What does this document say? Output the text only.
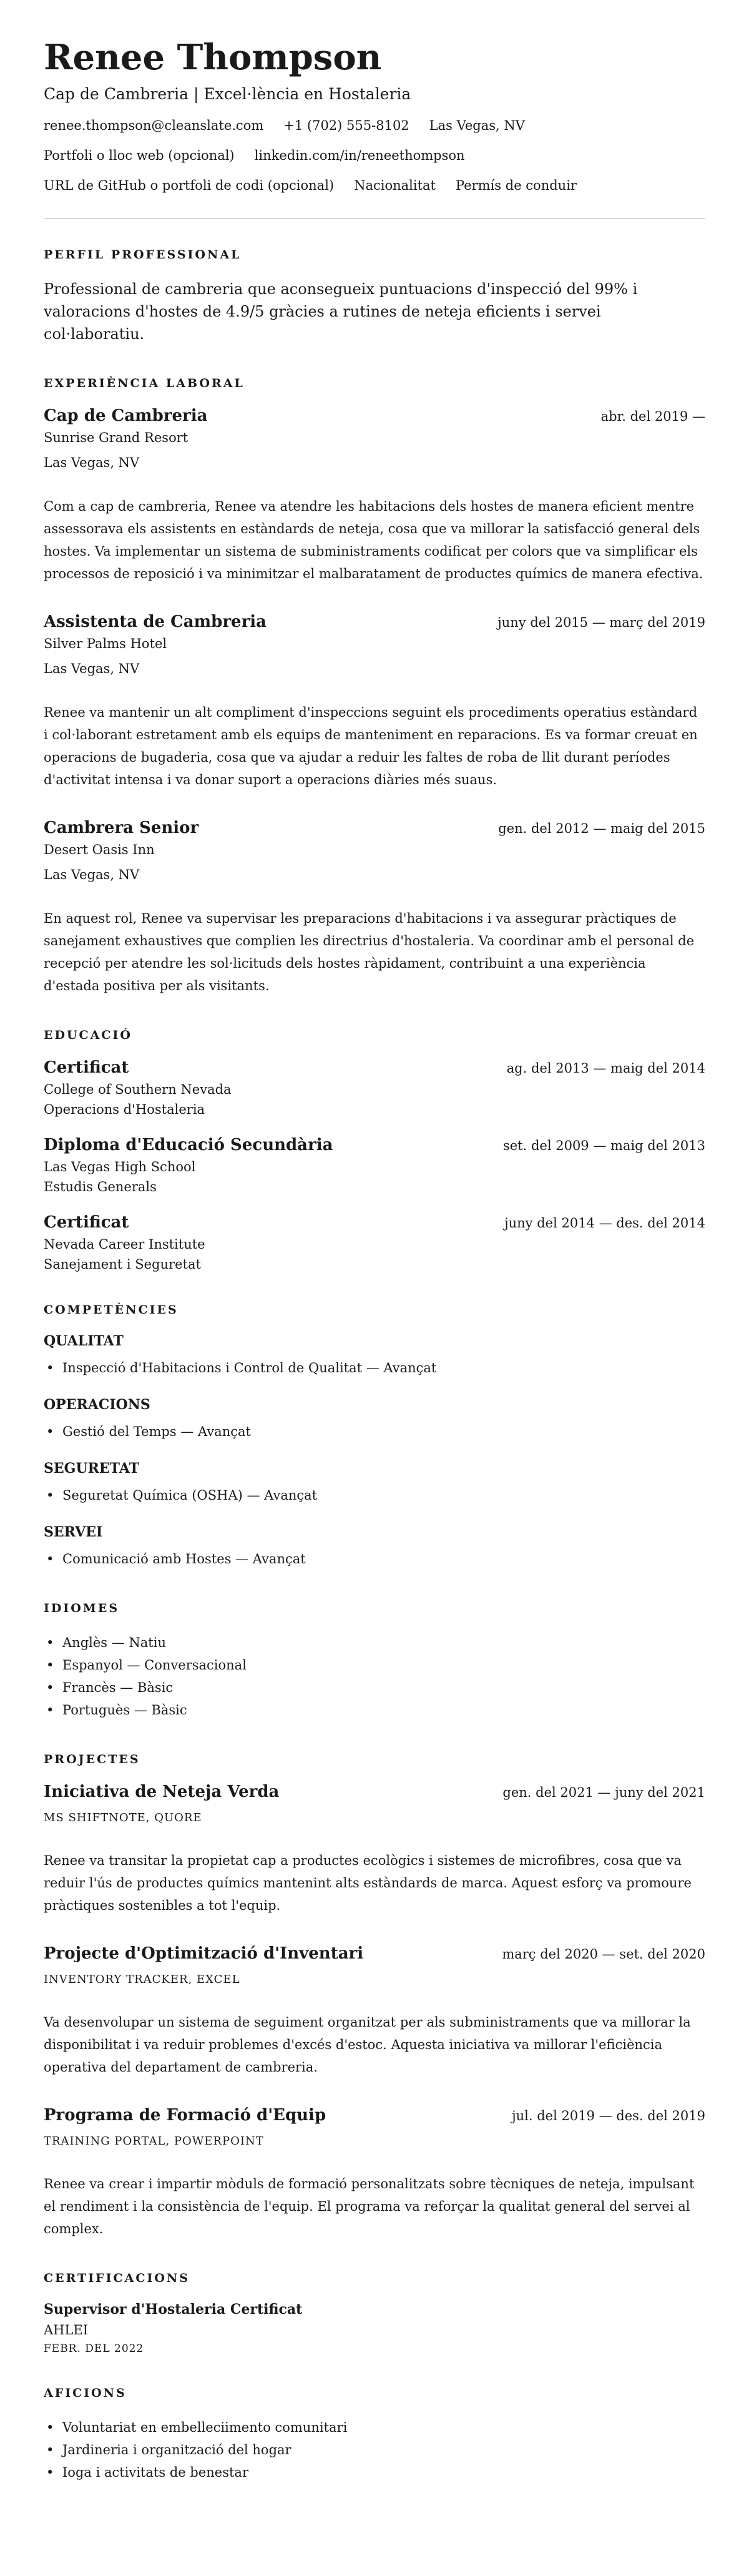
Renee Thompson
Cap de Cambreria | Excel·lència en Hostaleria
renee.thompson@cleanslate.com +1 (702) 555-8102 Las Vegas, NV
Portfoli o lloc web (opcional) linkedin.com/in/reneethompson
URL de GitHub o portfoli de codi (opcional) Nacionalitat Permís de conduir
PERFIL PROFESSIONAL

Professional de cambreria que aconsegueix puntuacions d'inspecció del 99% i valoracions d'hostes de 4.9/5 gràcies a rutines de neteja eficients i servei col·laboratiu.

EXPERIÈNCIA LABORAL
Cap de Cambreria	abr. del 2019 —
Sunrise Grand Resort
Las Vegas, NV

Com a cap de cambreria, Renee va atendre les habitacions dels hostes de manera eficient mentre assessorava els assistents en estàndards de neteja, cosa que va millorar la satisfacció general dels hostes. Va implementar un sistema de subministraments codificat per colors que va simplificar els processos de reposició i va minimitzar el malbaratament de productes químics de manera efectiva.

Assistenta de Cambreria	juny del 2015 — març del 2019
Silver Palms Hotel
Las Vegas, NV

Renee va mantenir un alt compliment d'inspeccions seguint els procediments operatius estàndard i col·laborant estretament amb els equips de manteniment en reparacions. Es va formar creuat en operacions de bugaderia, cosa que va ajudar a reduir les faltes de roba de llit durant períodes d'activitat intensa i va donar suport a operacions diàries més suaus.

Cambrera Senior	gen. del 2012 — maig del 2015
Desert Oasis Inn
Las Vegas, NV

En aquest rol, Renee va supervisar les preparacions d'habitacions i va assegurar pràctiques de sanejament exhaustives que complien les directrius d'hostaleria. Va coordinar amb el personal de recepció per atendre les sol·licituds dels hostes ràpidament, contribuint a una experiència d'estada positiva per als visitants.

EDUCACIÓ
Certificat	ag. del 2013 — maig del 2014
College of Southern Nevada
Operacions d'Hostaleria
Diploma d'Educació Secundària	set. del 2009 — maig del 2013
Las Vegas High School
Estudis Generals
Certificat	juny del 2014 — des. del 2014
Nevada Career Institute
Sanejament i Seguretat
COMPETÈNCIES
QUALITAT
• Inspecció d'Habitacions i Control de Qualitat — Avançat
OPERACIONS
• Gestió del Temps — Avançat
SEGURETAT
• Seguretat Química (OSHA) — Avançat
SERVEI
• Comunicació amb Hostes — Avançat
IDIOMES
• Anglès — Natiu
• Espanyol — Conversacional
• Francès — Bàsic
• Portuguès — Bàsic
PROJECTES
Iniciativa de Neteja Verda	gen. del 2021 — juny del 2021
MS SHIFTNOTE, QUORE

Renee va transitar la propietat cap a productes ecològics i sistemes de microfibres, cosa que va reduir l'ús de productes químics mantenint alts estàndards de marca. Aquest esforç va promoure pràctiques sostenibles a tot l'equip.

Projecte d'Optimització d'Inventari	març del 2020 — set. del 2020
INVENTORY TRACKER, EXCEL

Va desenvolupar un sistema de seguiment organitzat per als subministraments que va millorar la disponibilitat i va reduir problemes d'excés d'estoc. Aquesta iniciativa va millorar l'eficiència operativa del departament de cambreria.

Programa de Formació d'Equip	jul. del 2019 — des. del 2019
TRAINING PORTAL, POWERPOINT

Renee va crear i impartir mòduls de formació personalitzats sobre tècniques de neteja, impulsant el rendiment i la consistència de l'equip. El programa va reforçar la qualitat general del servei al complex.

CERTIFICACIONS
Supervisor d'Hostaleria Certificat
AHLEI
FEBR. DEL 2022
AFICIONS
• Voluntariat en embelleciimento comunitari
• Jardineria i organització del hogar
• Ioga i activitats de benestar
